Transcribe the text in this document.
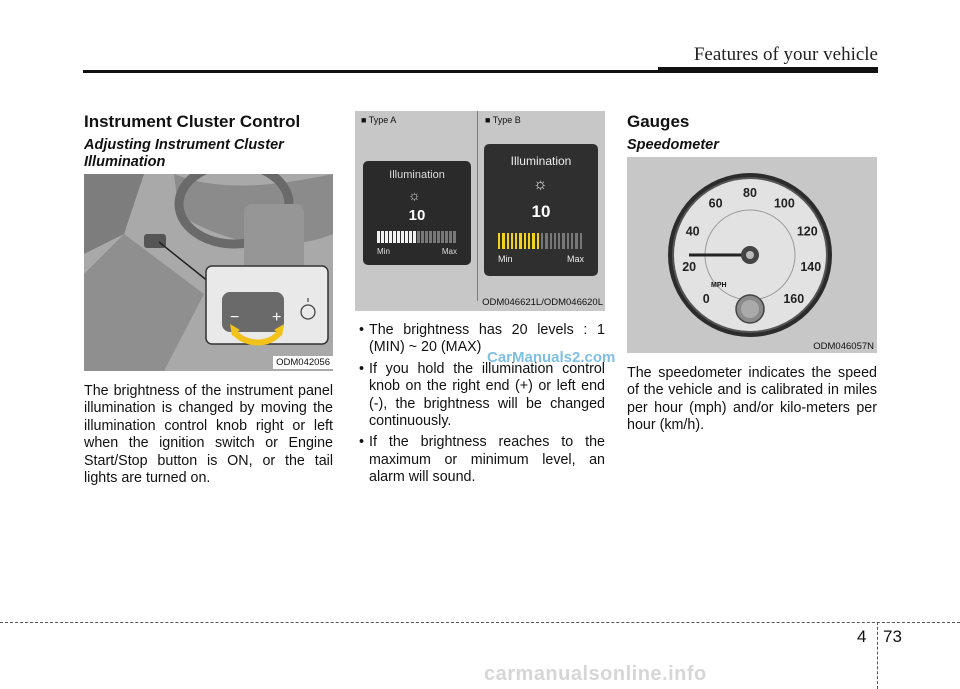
Features of your vehicle
Instrument Cluster Control
Adjusting Instrument Cluster Illumination
− +
ODM042056
The brightness of the instrument panel illumination is changed by moving the illumination control knob right or left when the ignition switch or Engine Start/Stop button is ON, or the tail lights are turned on.
■ Type A	■ Type B
Illumination
☼
10
Min	Max
Illumination
☼
10
Min	Max
ODM046621L/ODM046620L
• The brightness has 20 levels : 1 (MIN) ~ 20 (MAX)
• If you hold the illumination control knob on the right end (+) or left end (-), the brightness will be changed continuously.
• If the brightness reaches to the maximum or minimum level, an alarm will sound.
CarManuals2.com
Gauges
Speedometer
0
20
40
60
80
100
120
140
160
MPH
ODM046057N
The speedometer indicates the speed of the vehicle and is calibrated in miles per hour (mph) and/or kilo-meters per hour (km/h).
4 73
carmanualsonline.info
